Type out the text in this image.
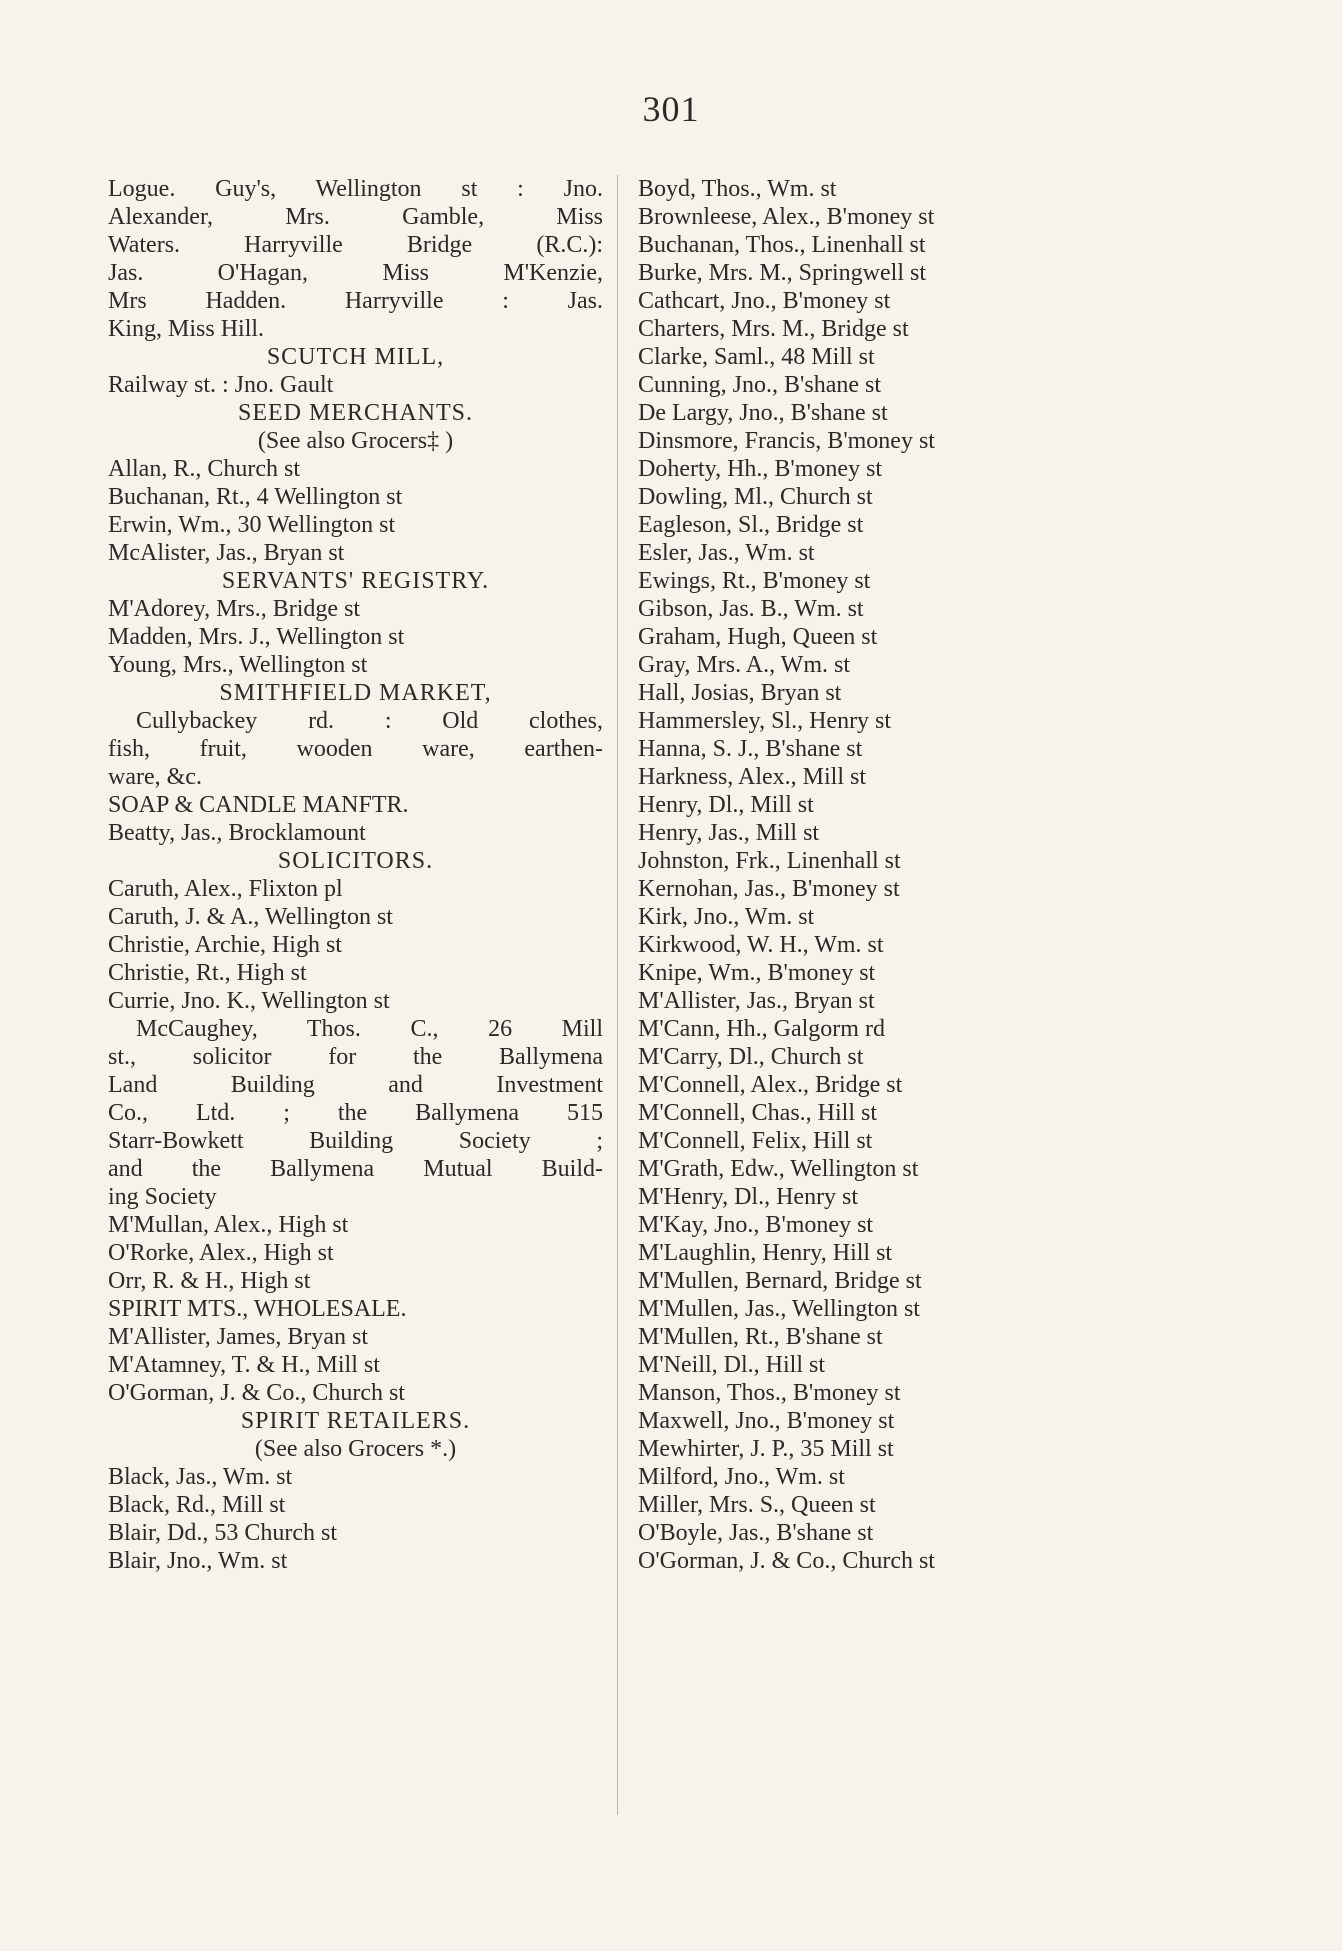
301
Logue. Guy's, Wellington st : Jno.
Alexander, Mrs. Gamble, Miss
Waters. Harryville Bridge (R.C.):
Jas. O'Hagan, Miss M'Kenzie,
Mrs Hadden. Harryville : Jas.
King, Miss Hill.
SCUTCH MILL,
Railway st. : Jno. Gault
SEED MERCHANTS.
(See also Grocers‡ )
Allan, R., Church st
Buchanan, Rt., 4 Wellington st
Erwin, Wm., 30 Wellington st
McAlister, Jas., Bryan st
SERVANTS' REGISTRY.
M'Adorey, Mrs., Bridge st
Madden, Mrs. J., Wellington st
Young, Mrs., Wellington st
SMITHFIELD MARKET,
Cullybackey rd. : Old clothes,
fish, fruit, wooden ware, earthen-
ware, &c.
SOAP & CANDLE MANFTR.
Beatty, Jas., Brocklamount
SOLICITORS.
Caruth, Alex., Flixton pl
Caruth, J. & A., Wellington st
Christie, Archie, High st
Christie, Rt., High st
Currie, Jno. K., Wellington st
McCaughey, Thos. C., 26 Mill
st., solicitor for the Ballymena
Land Building and Investment
Co., Ltd. ; the Ballymena 515
Starr-Bowkett Building Society ;
and the Ballymena Mutual Build-
ing Society
M'Mullan, Alex., High st
O'Rorke, Alex., High st
Orr, R. & H., High st
SPIRIT MTS., WHOLESALE.
M'Allister, James, Bryan st
M'Atamney, T. & H., Mill st
O'Gorman, J. & Co., Church st
SPIRIT RETAILERS.
(See also Grocers *.)
Black, Jas., Wm. st
Black, Rd., Mill st
Blair, Dd., 53 Church st
Blair, Jno., Wm. st
Boyd, Thos., Wm. st
Brownleese, Alex., B'money st
Buchanan, Thos., Linenhall st
Burke, Mrs. M., Springwell st
Cathcart, Jno., B'money st
Charters, Mrs. M., Bridge st
Clarke, Saml., 48 Mill st
Cunning, Jno., B'shane st
De Largy, Jno., B'shane st
Dinsmore, Francis, B'money st
Doherty, Hh., B'money st
Dowling, Ml., Church st
Eagleson, Sl., Bridge st
Esler, Jas., Wm. st
Ewings, Rt., B'money st
Gibson, Jas. B., Wm. st
Graham, Hugh, Queen st
Gray, Mrs. A., Wm. st
Hall, Josias, Bryan st
Hammersley, Sl., Henry st
Hanna, S. J., B'shane st
Harkness, Alex., Mill st
Henry, Dl., Mill st
Henry, Jas., Mill st
Johnston, Frk., Linenhall st
Kernohan, Jas., B'money st
Kirk, Jno., Wm. st
Kirkwood, W. H., Wm. st
Knipe, Wm., B'money st
M'Allister, Jas., Bryan st
M'Cann, Hh., Galgorm rd
M'Carry, Dl., Church st
M'Connell, Alex., Bridge st
M'Connell, Chas., Hill st
M'Connell, Felix, Hill st
M'Grath, Edw., Wellington st
M'Henry, Dl., Henry st
M'Kay, Jno., B'money st
M'Laughlin, Henry, Hill st
M'Mullen, Bernard, Bridge st
M'Mullen, Jas., Wellington st
M'Mullen, Rt., B'shane st
M'Neill, Dl., Hill st
Manson, Thos., B'money st
Maxwell, Jno., B'money st
Mewhirter, J. P., 35 Mill st
Milford, Jno., Wm. st
Miller, Mrs. S., Queen st
O'Boyle, Jas., B'shane st
O'Gorman, J. & Co., Church st
